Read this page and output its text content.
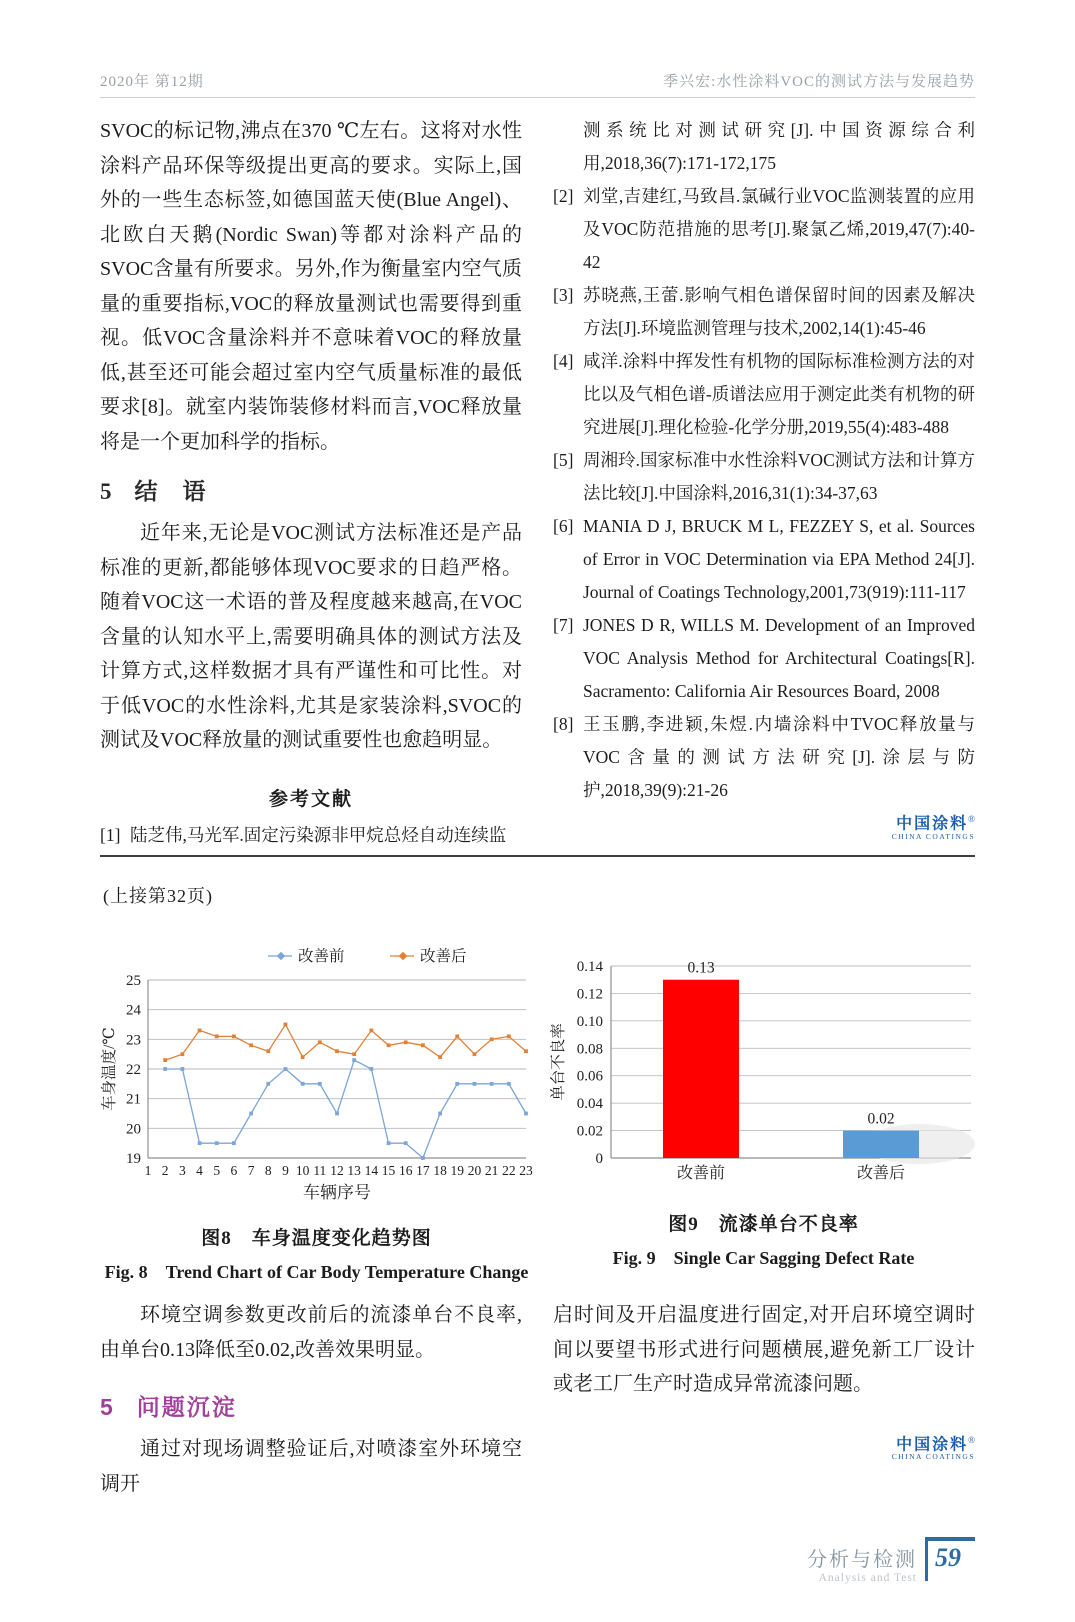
2020年 第12期	季兴宏:水性涂料VOC的测试方法与发展趋势
SVOC的标记物,沸点在370 ℃左右。这将对水性涂料产品环保等级提出更高的要求。实际上,国外的一些生态标签,如德国蓝天使(Blue Angel)、北欧白天鹅(Nordic Swan)等都对涂料产品的SVOC含量有所要求。另外,作为衡量室内空气质量的重要指标,VOC的释放量测试也需要得到重视。低VOC含量涂料并不意味着VOC的释放量低,甚至还可能会超过室内空气质量标准的最低要求[8]。就室内装饰装修材料而言,VOC释放量将是一个更加科学的指标。
5 结　语
近年来,无论是VOC测试方法标准还是产品标准的更新,都能够体现VOC要求的日趋严格。随着VOC这一术语的普及程度越来越高,在VOC含量的认知水平上,需要明确具体的测试方法及计算方式,这样数据才具有严谨性和可比性。对于低VOC的水性涂料,尤其是家装涂料,SVOC的测试及VOC释放量的测试重要性也愈趋明显。
参考文献
[1] 陆芝伟,马光军.固定污染源非甲烷总烃自动连续监
测系统比对测试研究[J].中国资源综合利用,2018,36(7):171-172,175
[2] 刘堂,吉建红,马致昌.氯碱行业VOC监测装置的应用及VOC防范措施的思考[J].聚氯乙烯,2019,47(7):40-42
[3] 苏晓燕,王蕾.影响气相色谱保留时间的因素及解决方法[J].环境监测管理与技术,2002,14(1):45-46
[4] 咸洋.涂料中挥发性有机物的国际标准检测方法的对比以及气相色谱-质谱法应用于测定此类有机物的研究进展[J].理化检验-化学分册,2019,55(4):483-488
[5] 周湘玲.国家标准中水性涂料VOC测试方法和计算方法比较[J].中国涂料,2016,31(1):34-37,63
[6] MANIA D J, BRUCK M L, FEZZEY S, et al. Sources of Error in VOC Determination via EPA Method 24[J]. Journal of Coatings Technology,2001,73(919):111-117
[7] JONES D R, WILLS M. Development of an Improved VOC Analysis Method for Architectural Coatings[R]. Sacramento: California Air Resources Board, 2008
[8] 王玉鹏,李进颖,朱煜.内墙涂料中TVOC释放量与VOC含量的测试方法研究[J].涂层与防护,2018,39(9):21-26
中国涂料®
CHINA COATINGS
(上接第32页)
19
20
21
22
23
24
25
1 2 3 4 5 6 7 8 9 10 11 12 13 14 15 16 17 18 19 20 21 22 23
车辆序号
车身温度/℃
改善前	改善后
图8　车身温度变化趋势图
Fig. 8　Trend Chart of Car Body Temperature Change
0
0.02
0.04
0.06
0.08
0.10
0.12
0.14	0.13
改善前
0.02
改善后
单台不良率
图9　流漆单台不良率
Fig. 9　Single Car Sagging Defect Rate
环境空调参数更改前后的流漆单台不良率,由单台0.13降低至0.02,改善效果明显。
5 问题沉淀
通过对现场调整验证后,对喷漆室外环境空调开
启时间及开启温度进行固定,对开启环境空调时间以要望书形式进行问题横展,避免新工厂设计或老工厂生产时造成异常流漆问题。
中国涂料®
CHINA COATINGS
分析与检测
Analysis and Test
59
